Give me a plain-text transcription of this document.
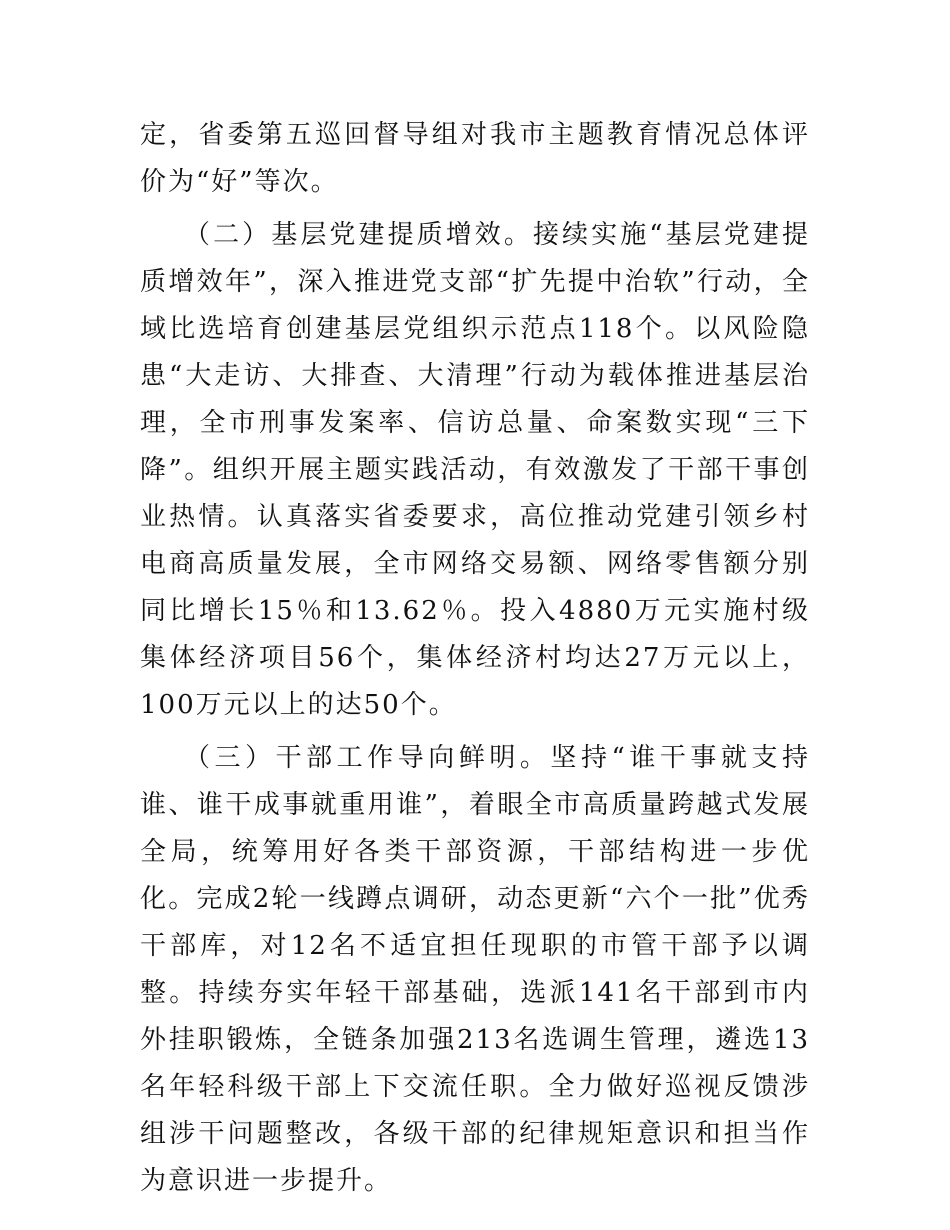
定，省委第五巡回督导组对我市主题教育情况总体评价为“好”等次。

（二）基层党建提质增效。接续实施“基层党建提质增效年”，深入推进党支部“扩先提中治软”行动，全域比选培育创建基层党组织示范点118个。以风险隐患“大走访、大排查、大清理”行动为载体推进基层治理，全市刑事发案率、信访总量、命案数实现“三下降”。组织开展主题实践活动，有效激发了干部干事创业热情。认真落实省委要求，高位推动党建引领乡村电商高质量发展，全市网络交易额、网络零售额分别同比增长15％和13.62％。投入4880万元实施村级集体经济项目56个，集体经济村均达27万元以上，100万元以上的达50个。

（三）干部工作导向鲜明。坚持“谁干事就支持谁、谁干成事就重用谁”，着眼全市高质量跨越式发展全局，统筹用好各类干部资源，干部结构进一步优化。完成2轮一线蹲点调研，动态更新“六个一批”优秀干部库，对12名不适宜担任现职的市管干部予以调整。持续夯实年轻干部基础，选派141名干部到市内外挂职锻炼，全链条加强213名选调生管理，遴选13名年轻科级干部上下交流任职。全力做好巡视反馈涉组涉干问题整改，各级干部的纪律规矩意识和担当作为意识进一步提升。
